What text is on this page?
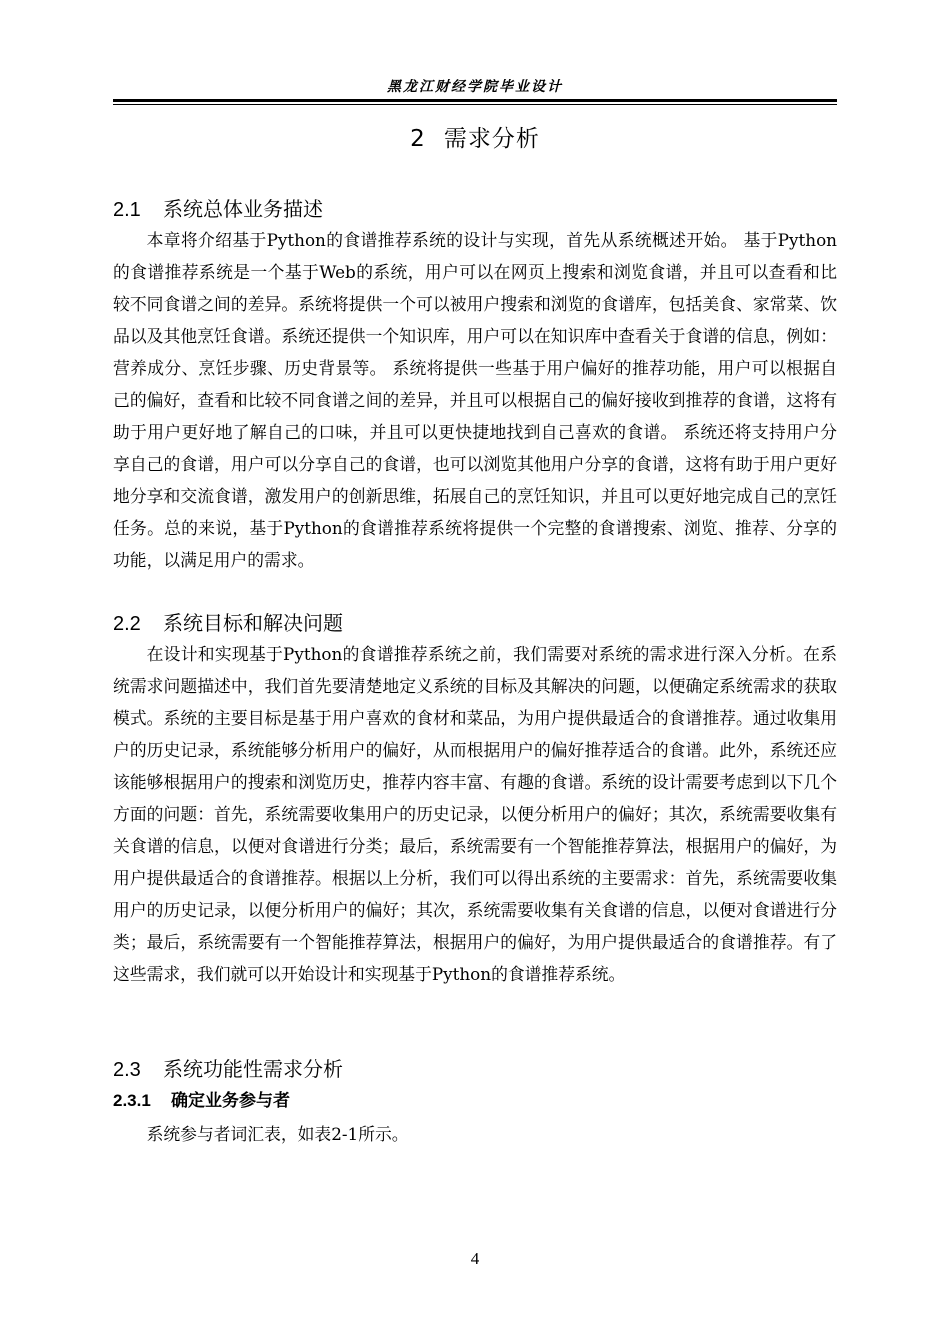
黑龙江财经学院毕业设计
2 需求分析
2.1 系统总体业务描述

本章将介绍基于Python的食谱推荐系统的设计与实现，首先从系统概述开始。 基于Python的食谱推荐系统是一个基于Web的系统，用户可以在网页上搜索和浏览食谱，并且可以查看和比较不同食谱之间的差异。系统将提供一个可以被用户搜索和浏览的食谱库，包括美食、家常菜、饮品以及其他烹饪食谱。系统还提供一个知识库，用户可以在知识库中查看关于食谱的信息，例如：营养成分、烹饪步骤、历史背景等。 系统将提供一些基于用户偏好的推荐功能，用户可以根据自己的偏好，查看和比较不同食谱之间的差异，并且可以根据自己的偏好接收到推荐的食谱，这将有助于用户更好地了解自己的口味，并且可以更快捷地找到自己喜欢的食谱。 系统还将支持用户分享自己的食谱，用户可以分享自己的食谱，也可以浏览其他用户分享的食谱，这将有助于用户更好地分享和交流食谱，激发用户的创新思维，拓展自己的烹饪知识，并且可以更好地完成自己的烹饪任务。总的来说，基于Python的食谱推荐系统将提供一个完整的食谱搜索、浏览、推荐、分享的功能，以满足用户的需求。

2.2 系统目标和解决问题

在设计和实现基于Python的食谱推荐系统之前，我们需要对系统的需求进行深入分析。在系统需求问题描述中，我们首先要清楚地定义系统的目标及其解决的问题，以便确定系统需求的获取模式。系统的主要目标是基于用户喜欢的食材和菜品，为用户提供最适合的食谱推荐。通过收集用户的历史记录，系统能够分析用户的偏好，从而根据用户的偏好推荐适合的食谱。此外，系统还应该能够根据用户的搜索和浏览历史，推荐内容丰富、有趣的食谱。系统的设计需要考虑到以下几个方面的问题：首先，系统需要收集用户的历史记录，以便分析用户的偏好；其次，系统需要收集有关食谱的信息，以便对食谱进行分类；最后，系统需要有一个智能推荐算法，根据用户的偏好，为用户提供最适合的食谱推荐。根据以上分析，我们可以得出系统的主要需求：首先，系统需要收集用户的历史记录，以便分析用户的偏好；其次，系统需要收集有关食谱的信息，以便对食谱进行分类；最后，系统需要有一个智能推荐算法，根据用户的偏好，为用户提供最适合的食谱推荐。有了这些需求，我们就可以开始设计和实现基于Python的食谱推荐系统。

2.3 系统功能性需求分析
2.3.1 确定业务参与者

系统参与者词汇表，如表2-1所示。

4
